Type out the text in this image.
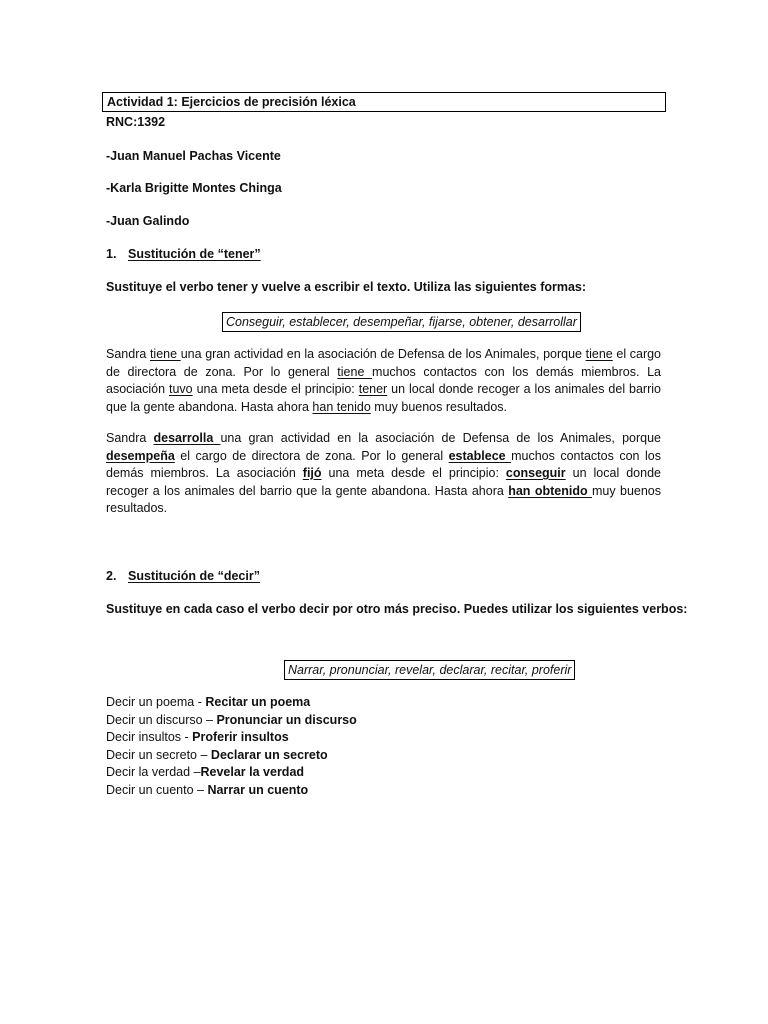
Actividad 1: Ejercicios de precisión léxica
RNC:1392
-Juan Manuel Pachas Vicente
-Karla Brigitte Montes Chinga
-Juan Galindo
1. Sustitución de “tener”
Sustituye el verbo tener y vuelve a escribir el texto. Utiliza las siguientes formas:
Conseguir, establecer, desempeñar, fijarse, obtener, desarrollar
Sandra tiene una gran actividad en la asociación de Defensa de los Animales, porque tiene el cargo de directora de zona. Por lo general tiene muchos contactos con los demás miembros. La asociación tuvo una meta desde el principio: tener un local donde recoger a los animales del barrio que la gente abandona. Hasta ahora han tenido muy buenos resultados.
Sandra desarrolla una gran actividad en la asociación de Defensa de los Animales, porque desempeña el cargo de directora de zona. Por lo general establece muchos contactos con los demás miembros. La asociación fijó una meta desde el principio: conseguir un local donde recoger a los animales del barrio que la gente abandona. Hasta ahora han obtenido muy buenos resultados.
2. Sustitución de “decir”
Sustituye en cada caso el verbo decir por otro más preciso. Puedes utilizar los siguientes verbos:
Narrar, pronunciar, revelar, declarar, recitar, proferir
Decir un poema - Recitar un poema
Decir un discurso – Pronunciar un discurso
Decir insultos - Proferir insultos
Decir un secreto – Declarar un secreto
Decir la verdad –Revelar la verdad
Decir un cuento – Narrar un cuento
